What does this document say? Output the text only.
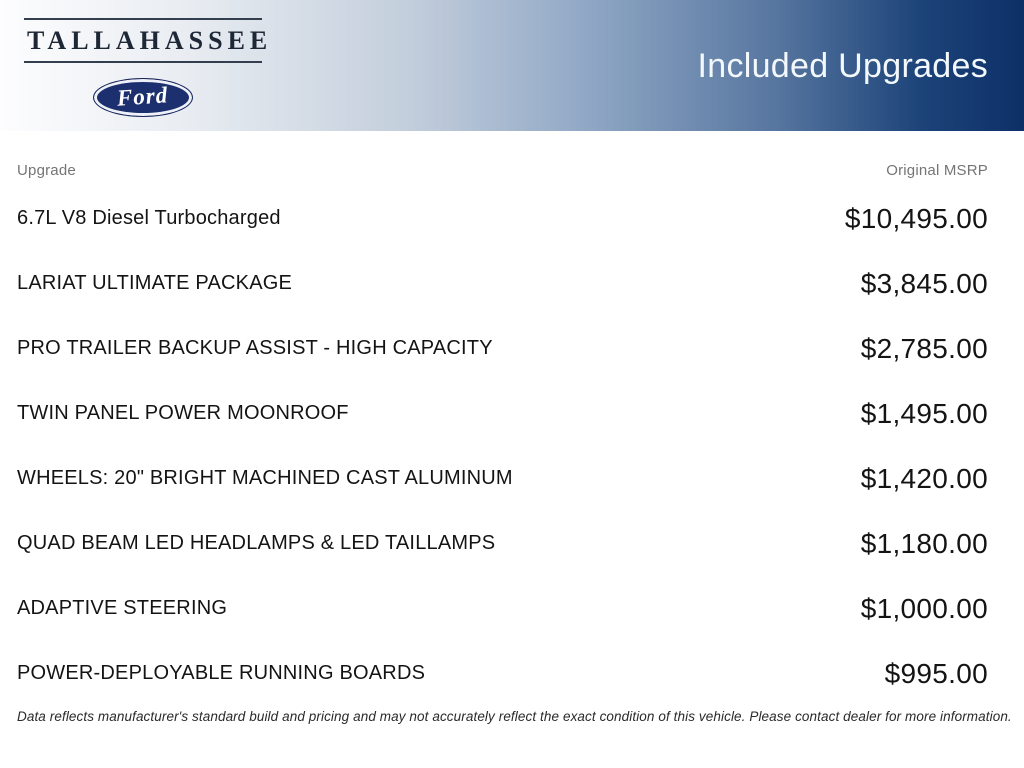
TALLAHASSEE
Ford
Included Upgrades
Upgrade	Original MSRP
6.7L V8 Diesel Turbocharged	$10,495.00
LARIAT ULTIMATE PACKAGE	$3,845.00
PRO TRAILER BACKUP ASSIST - HIGH CAPACITY	$2,785.00
TWIN PANEL POWER MOONROOF	$1,495.00
WHEELS: 20" BRIGHT MACHINED CAST ALUMINUM	$1,420.00
QUAD BEAM LED HEADLAMPS & LED TAILLAMPS	$1,180.00
ADAPTIVE STEERING	$1,000.00
POWER-DEPLOYABLE RUNNING BOARDS	$995.00
Data reflects manufacturer's standard build and pricing and may not accurately reflect the exact condition of this vehicle. Please contact dealer for more information.
